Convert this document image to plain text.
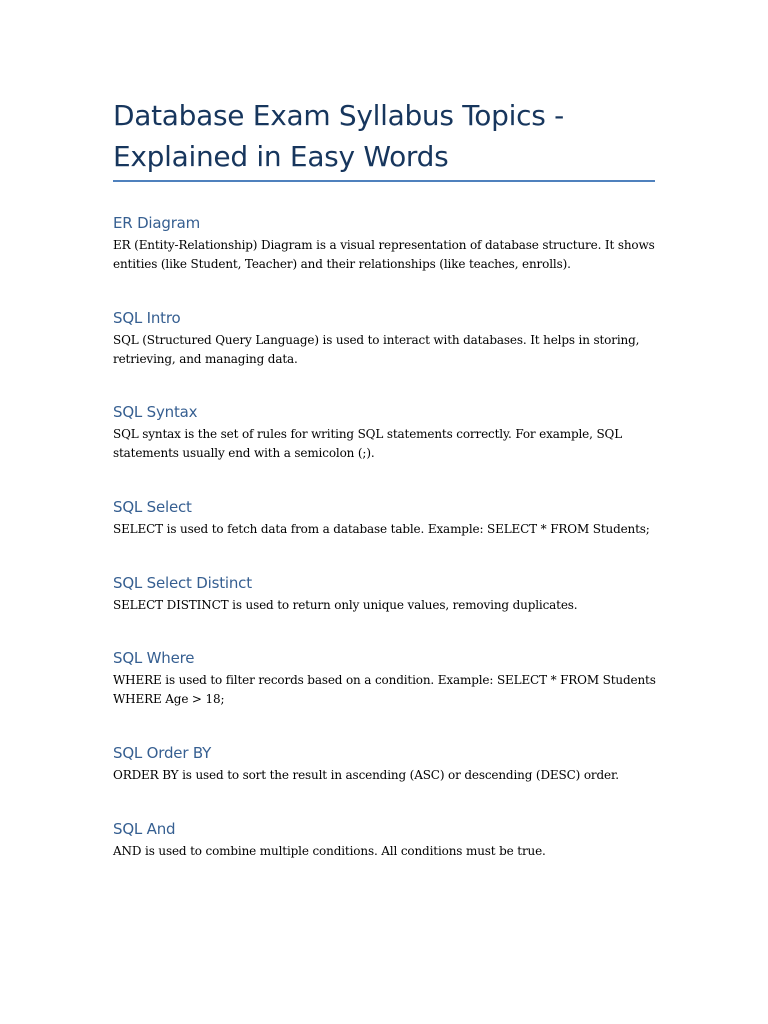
Database Exam Syllabus Topics - Explained in Easy Words
ER Diagram

ER (Entity-Relationship) Diagram is a visual representation of database structure. It shows entities (like Student, Teacher) and their relationships (like teaches, enrolls).

SQL Intro

SQL (Structured Query Language) is used to interact with databases. It helps in storing, retrieving, and managing data.

SQL Syntax

SQL syntax is the set of rules for writing SQL statements correctly. For example, SQL statements usually end with a semicolon (;).

SQL Select

SELECT is used to fetch data from a database table. Example: SELECT * FROM Students;

SQL Select Distinct

SELECT DISTINCT is used to return only unique values, removing duplicates.

SQL Where

WHERE is used to filter records based on a condition. Example: SELECT * FROM Students WHERE Age > 18;

SQL Order BY

ORDER BY is used to sort the result in ascending (ASC) or descending (DESC) order.

SQL And

AND is used to combine multiple conditions. All conditions must be true.
